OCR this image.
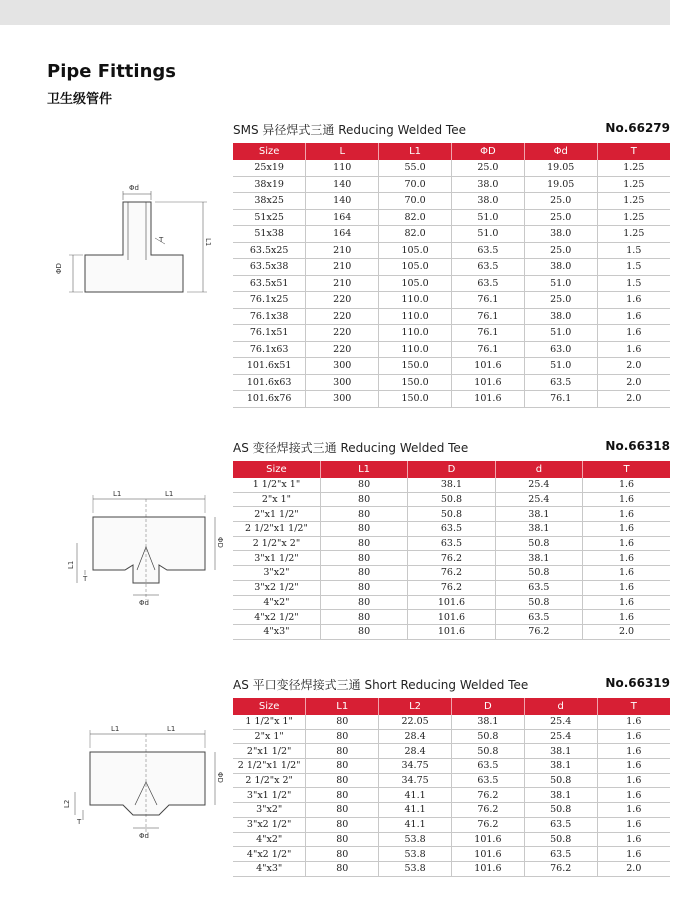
Pipe Fittings
卫生级管件
Φd
L1
T
ΦD
L1	L1
ΦD
L1
T
Φd
L1	L1
ΦD
L2
T
Φd
SMS 异径焊式三通 Reducing Welded Tee	No.66279
Size	L	L1	ΦD	Φd	T
25x19	110	55.0	25.0	19.05	1.25
38x19	140	70.0	38.0	19.05	1.25
38x25	140	70.0	38.0	25.0	1.25
51x25	164	82.0	51.0	25.0	1.25
51x38	164	82.0	51.0	38.0	1.25
63.5x25	210	105.0	63.5	25.0	1.5
63.5x38	210	105.0	63.5	38.0	1.5
63.5x51	210	105.0	63.5	51.0	1.5
76.1x25	220	110.0	76.1	25.0	1.6
76.1x38	220	110.0	76.1	38.0	1.6
76.1x51	220	110.0	76.1	51.0	1.6
76.1x63	220	110.0	76.1	63.0	1.6
101.6x51	300	150.0	101.6	51.0	2.0
101.6x63	300	150.0	101.6	63.5	2.0
101.6x76	300	150.0	101.6	76.1	2.0
AS 变径焊接式三通 Reducing Welded Tee	No.66318
Size	L1	D	d	T
1 1/2"x 1"	80	38.1	25.4	1.6
2"x 1"	80	50.8	25.4	1.6
2"x1 1/2"	80	50.8	38.1	1.6
2 1/2"x1 1/2"	80	63.5	38.1	1.6
2 1/2"x 2"	80	63.5	50.8	1.6
3"x1 1/2"	80	76.2	38.1	1.6
3"x2"	80	76.2	50.8	1.6
3"x2 1/2"	80	76.2	63.5	1.6
4"x2"	80	101.6	50.8	1.6
4"x2 1/2"	80	101.6	63.5	1.6
4"x3"	80	101.6	76.2	2.0
AS 平口变径焊接式三通 Short Reducing Welded Tee	No.66319
Size	L1	L2	D	d	T
1 1/2"x 1"	80	22.05	38.1	25.4	1.6
2"x 1"	80	28.4	50.8	25.4	1.6
2"x1 1/2"	80	28.4	50.8	38.1	1.6
2 1/2"x1 1/2"	80	34.75	63.5	38.1	1.6
2 1/2"x 2"	80	34.75	63.5	50.8	1.6
3"x1 1/2"	80	41.1	76.2	38.1	1.6
3"x2"	80	41.1	76.2	50.8	1.6
3"x2 1/2"	80	41.1	76.2	63.5	1.6
4"x2"	80	53.8	101.6	50.8	1.6
4"x2 1/2"	80	53.8	101.6	63.5	1.6
4"x3"	80	53.8	101.6	76.2	2.0
